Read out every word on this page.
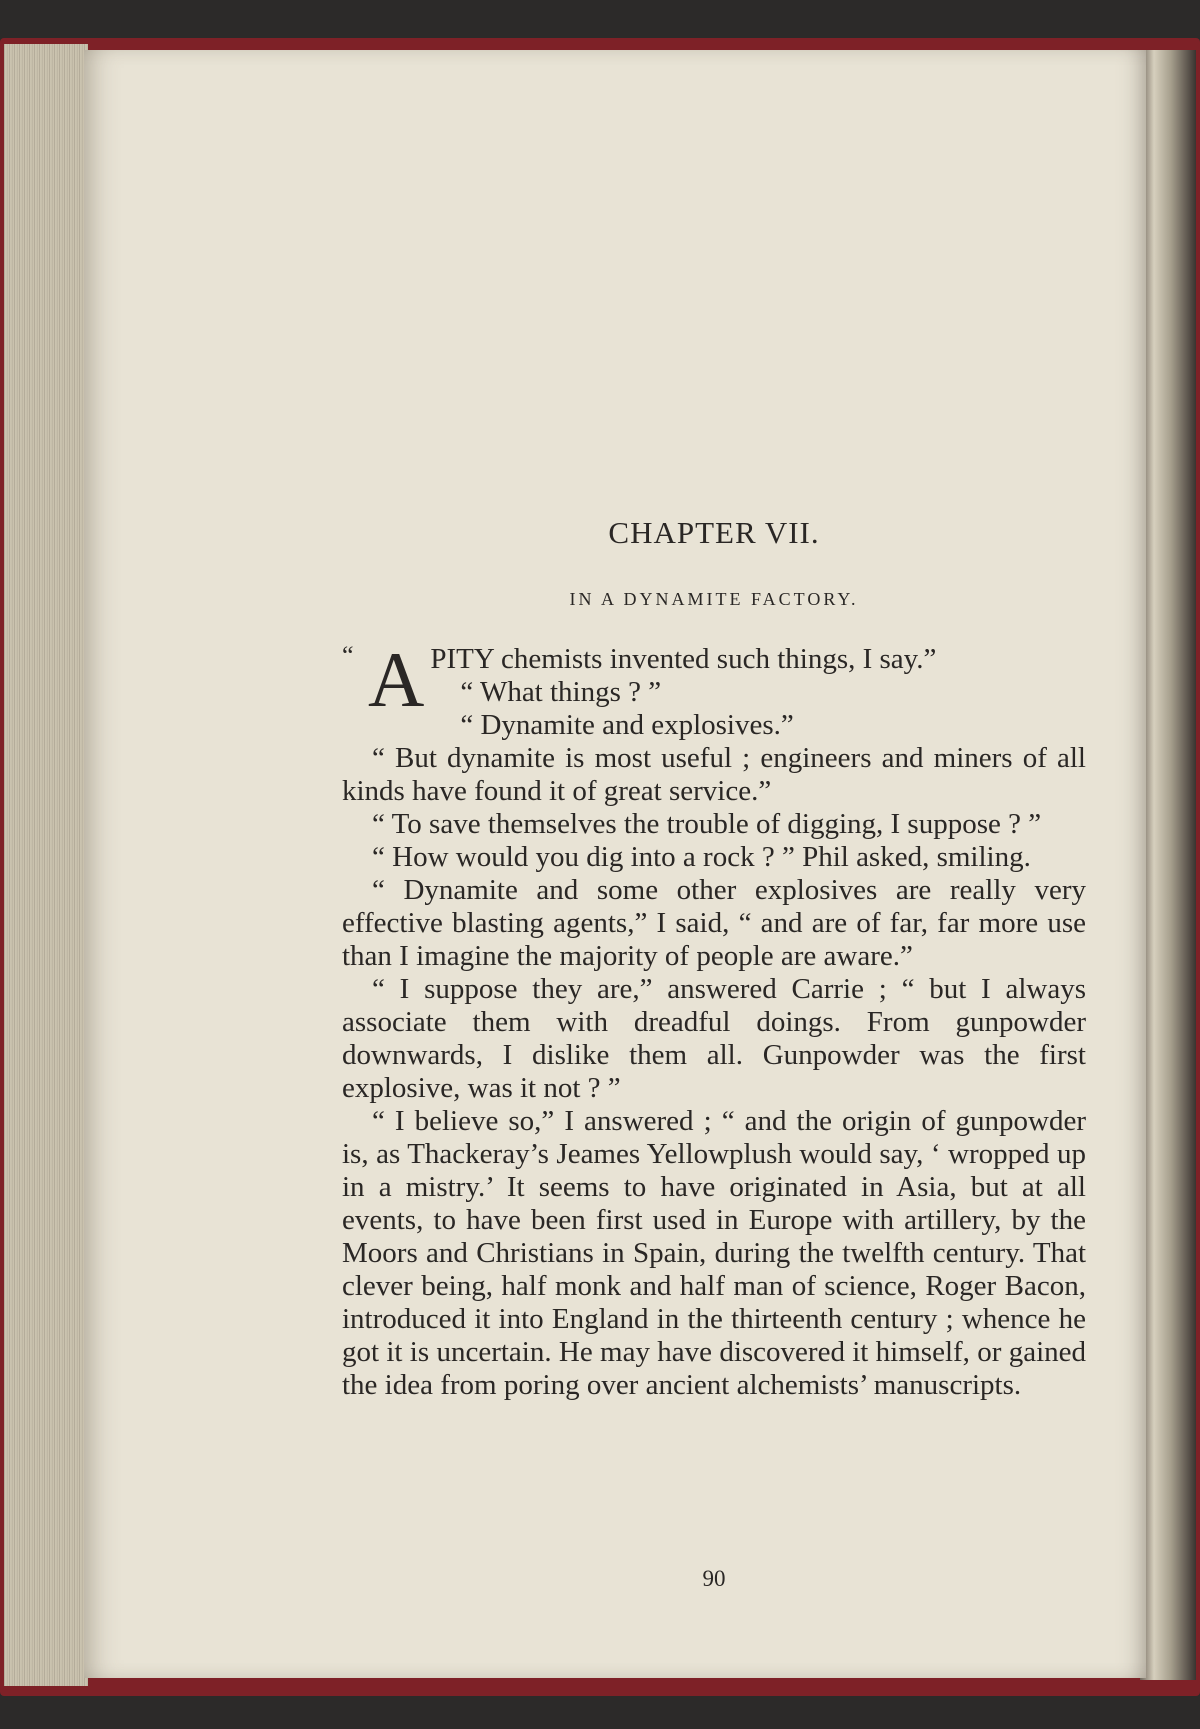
CHAPTER VII.
IN A DYNAMITE FACTORY.

“ A PITY chemists invented such things, I say.”

“ What things ? ”

“ Dynamite and explosives.”

“ But dynamite is most useful ; engineers and miners of all kinds have found it of great service.”

“ To save themselves the trouble of digging, I suppose ? ”

“ How would you dig into a rock ? ” Phil asked, smiling.

“ Dynamite and some other explosives are really very effective blasting agents,” I said, “ and are of far, far more use than I imagine the majority of people are aware.”

“ I suppose they are,” answered Carrie ; “ but I always associate them with dreadful doings. From gunpowder downwards, I dislike them all. Gunpowder was the first explosive, was it not ? ”

“ I believe so,” I answered ; “ and the origin of gunpowder is, as Thackeray’s Jeames Yellowplush would say, ‘ wropped up in a mistry.’ It seems to have originated in Asia, but at all events, to have been first used in Europe with artillery, by the Moors and Christians in Spain, during the twelfth century. That clever being, half monk and half man of science, Roger Bacon, introduced it into England in the thirteenth century ; whence he got it is uncertain. He may have discovered it himself, or gained the idea from poring over ancient alchemists’ manuscripts.

90
